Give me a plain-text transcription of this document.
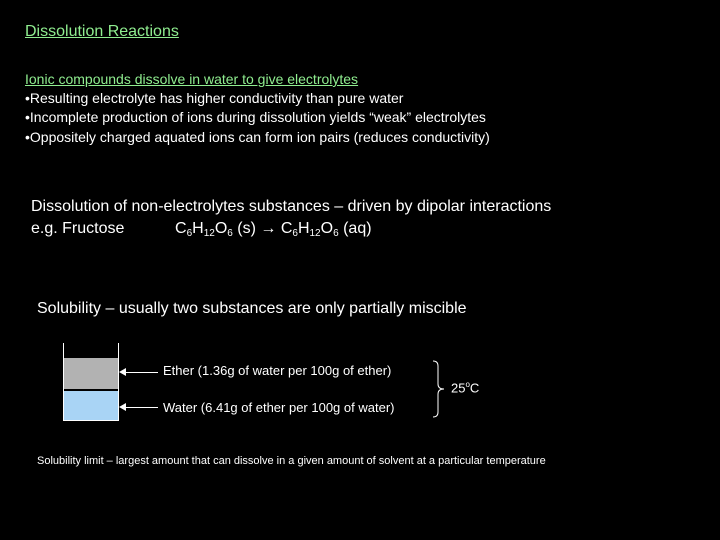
Dissolution Reactions
Ionic compounds dissolve in water to give electrolytes
•Resulting electrolyte has higher conductivity than pure water
•Incomplete production of ions during dissolution yields “weak” electrolytes
•Oppositely charged aquated ions can form ion pairs (reduces conductivity)
Dissolution of non-electrolytes substances – driven by dipolar interactions
e.g. Fructose	$C_6H_{12}O_6$ $(s) \to C_6H_{12}O_6$ (aq)
Solubility – usually two substances are only partially miscible
Ether (1.36g of water per 100g of ether)
Water (6.41g of ether per 100g of water)
25$^o$C
Solubility limit – largest amount that can dissolve in a given amount of solvent at a particular temperature
